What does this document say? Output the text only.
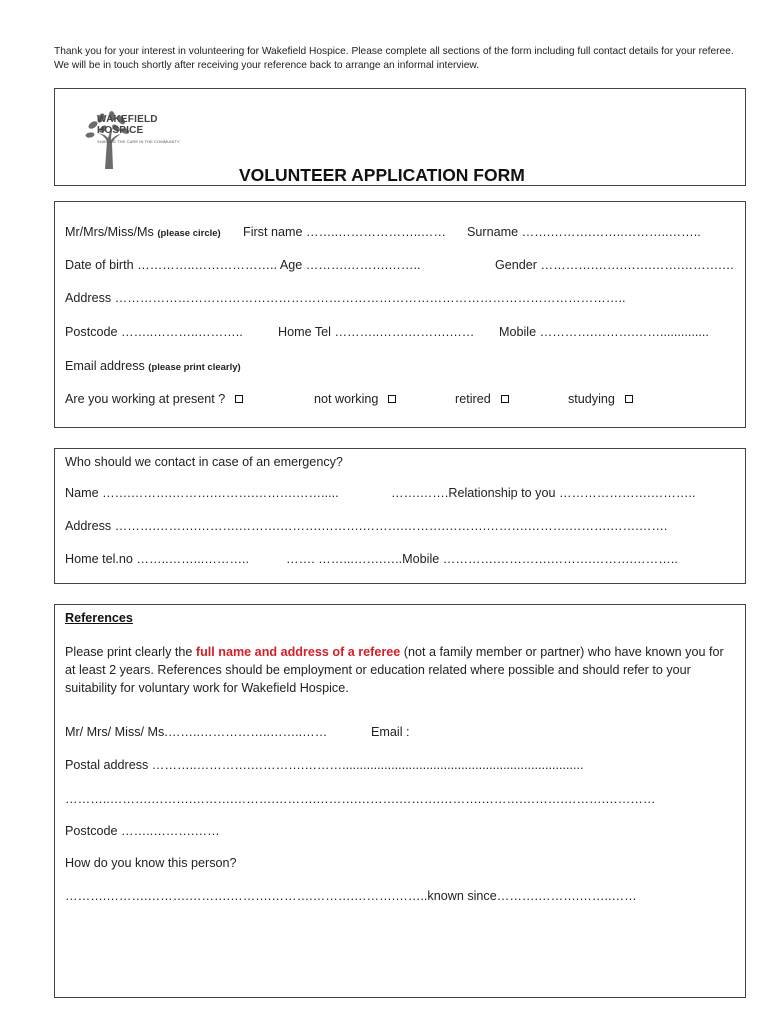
Thank you for your interest in volunteering for Wakefield Hospice. Please complete all sections of the form including full contact details for your referee. We will be in touch shortly after receiving your reference back to arrange an informal interview.
WAKEFIELD
HOSPICE
SHARING THE CARE IN THE COMMUNITY
VOLUNTEER APPLICATION FORM
Mr/Mrs/Miss/Ms (please circle) First name ……..………………..…… Surname …….……….……..………..……..
Date of birth …………..……………….. Age ……….……….……..	Gender ………….…….…….…….……….…
Address …………………………………………………………………………………………………………..
Postcode ……..………..………..	Home Tel ………..…….……….…… Mobile ………….……….……..............
Email address (please print clearly)
Are you working at present ?	not working	retired	studying
Who should we contact in case of an emergency?
Name …….……….……….……….……….…….....	…….…….Relationship to you ………………….………..
Address ……….……….……….……….……….……….……….……….……….……….……….……….…….…….
Home tel.no ……..……...………..	……. ……...…….…..Mobile ………….………….……….……….………..
References
Please print clearly the full name and address of a referee (not a family member or partner) who have known you for at least 2 years. References should be employment or education related where possible and should refer to your suitability for voluntary work for Wakefield Hospice.
Mr/ Mrs/ Miss/ Ms.……..……………..……..……	Email :
Postal address ………..………….………….……….....................................................................
………..……….……….……….……….……….……….……….……….……….……….……….……….…………
Postcode ……..……….……
How do you know this person?
……….……….……….……….……….……….……….……….……..known since……….……….……..……
